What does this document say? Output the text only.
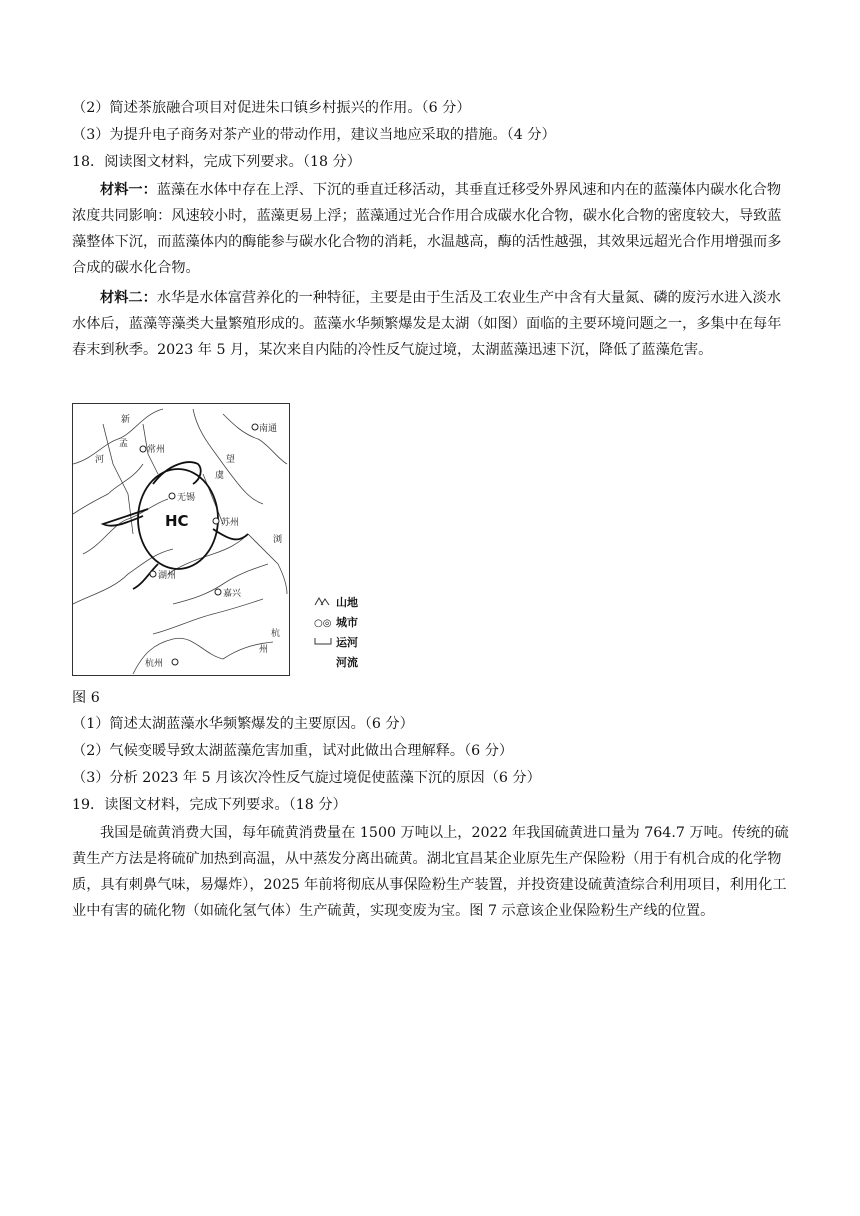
（2）简述茶旅融合项目对促进朱口镇乡村振兴的作用。（6 分）
（3）为提升电子商务对茶产业的带动作用，建议当地应采取的措施。（4 分）
18．阅读图文材料，完成下列要求。（18 分）
材料一：蓝藻在水体中存在上浮、下沉的垂直迁移活动，其垂直迁移受外界风速和内在的蓝藻体内碳水化合物浓度共同影响：风速较小时，蓝藻更易上浮；蓝藻通过光合作用合成碳水化合物，碳水化合物的密度较大，导致蓝藻整体下沉，而蓝藻体内的酶能参与碳水化合物的消耗，水温越高，酶的活性越强，其效果远超光合作用增强而多合成的碳水化合物。
材料二：水华是水体富营养化的一种特征，主要是由于生活及工农业生产中含有大量氮、磷的废污水进入淡水水体后，蓝藻等藻类大量繁殖形成的。蓝藻水华频繁爆发是太湖（如图）面临的主要环境问题之一，多集中在每年春末到秋季。2023 年 5 月，某次来自内陆的冷性反气旋过境，太湖蓝藻迅速下沉，降低了蓝藻危害。
HC
南通
常州
无锡
苏州
湖州
嘉兴
杭州
新
孟
河	望
虞
浏
杭
州
山地
○◎ 城市
运河
河流
图 6
（1）简述太湖蓝藻水华频繁爆发的主要原因。（6 分）
（2）气候变暖导致太湖蓝藻危害加重，试对此做出合理解释。（6 分）
（3）分析 2023 年 5 月该次冷性反气旋过境促使蓝藻下沉的原因（6 分）
19．读图文材料，完成下列要求。（18 分）
我国是硫黄消费大国，每年硫黄消费量在 1500 万吨以上，2022 年我国硫黄进口量为 764.7 万吨。传统的硫黄生产方法是将硫矿加热到高温，从中蒸发分离出硫黄。湖北宜昌某企业原先生产保险粉（用于有机合成的化学物质，具有刺鼻气味，易爆炸），2025 年前将彻底从事保险粉生产装置，并投资建设硫黄渣综合利用项目，利用化工业中有害的硫化物（如硫化氢气体）生产硫黄，实现变废为宝。图 7 示意该企业保险粉生产线的位置。
